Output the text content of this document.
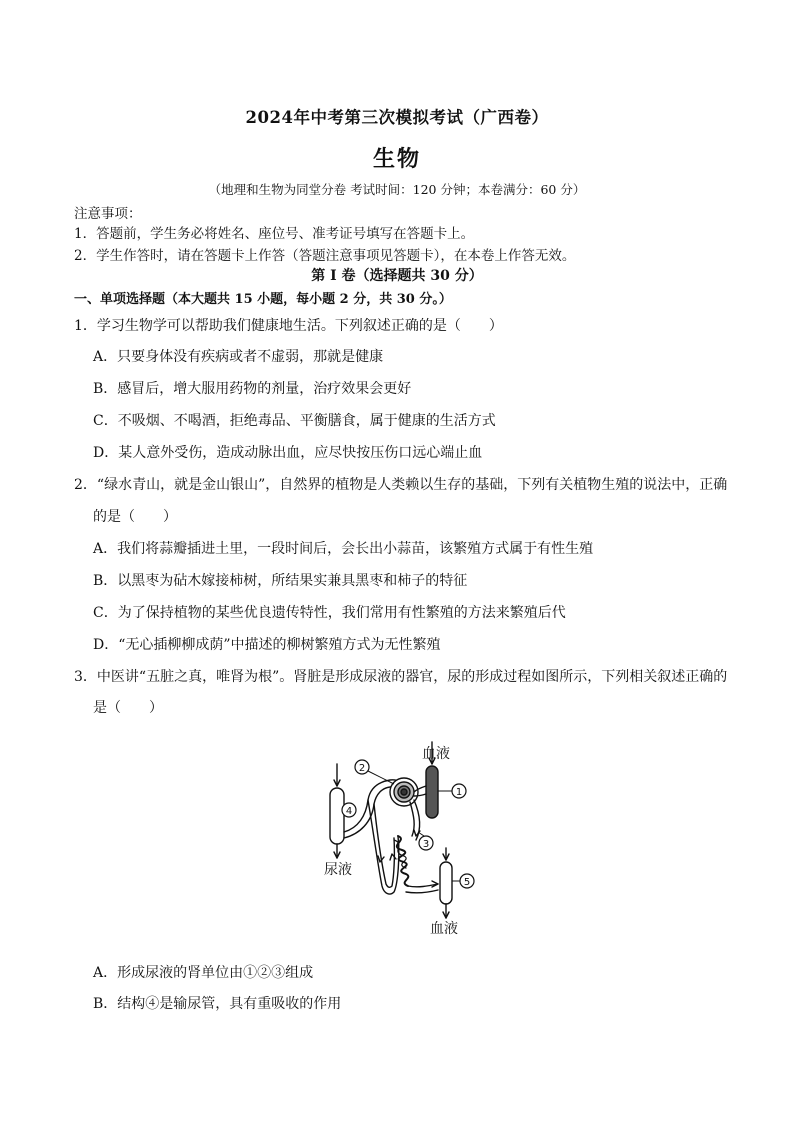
2024年中考第三次模拟考试（广西卷）
生物
（地理和生物为同堂分卷 考试时间：120 分钟；本卷满分：60 分）
注意事项：
1．答题前，学生务必将姓名、座位号、准考证号填写在答题卡上。
2．学生作答时，请在答题卡上作答（答题注意事项见答题卡），在本卷上作答无效。
第 I 卷（选择题共 30 分）
一、单项选择题（本大题共 15 小题，每小题 2 分，共 30 分。）
1．学习生物学可以帮助我们健康地生活。下列叙述正确的是（　　）
A．只要身体没有疾病或者不虚弱，那就是健康
B．感冒后，增大服用药物的剂量，治疗效果会更好
C．不吸烟、不喝酒，拒绝毒品、平衡膳食，属于健康的生活方式
D．某人意外受伤，造成动脉出血，应尽快按压伤口远心端止血
2．“绿水青山，就是金山银山”，自然界的植物是人类赖以生存的基础，下列有关植物生殖的说法中，正确
的是（　　）
A．我们将蒜瓣插进土里，一段时间后，会长出小蒜苗，该繁殖方式属于有性生殖
B．以黑枣为砧木嫁接柿树，所结果实兼具黑枣和柿子的特征
C．为了保持植物的某些优良遗传特性，我们常用有性繁殖的方法来繁殖后代
D．“无心插柳柳成荫”中描述的柳树繁殖方式为无性繁殖
3．中医讲“五脏之真，唯肾为根”。肾脏是形成尿液的器官，尿的形成过程如图所示，下列相关叙述正确的
是（　　）
血液
尿液
血液
1
2
3
4
5
A．形成尿液的肾单位由①②③组成
B．结构④是输尿管，具有重吸收的作用
